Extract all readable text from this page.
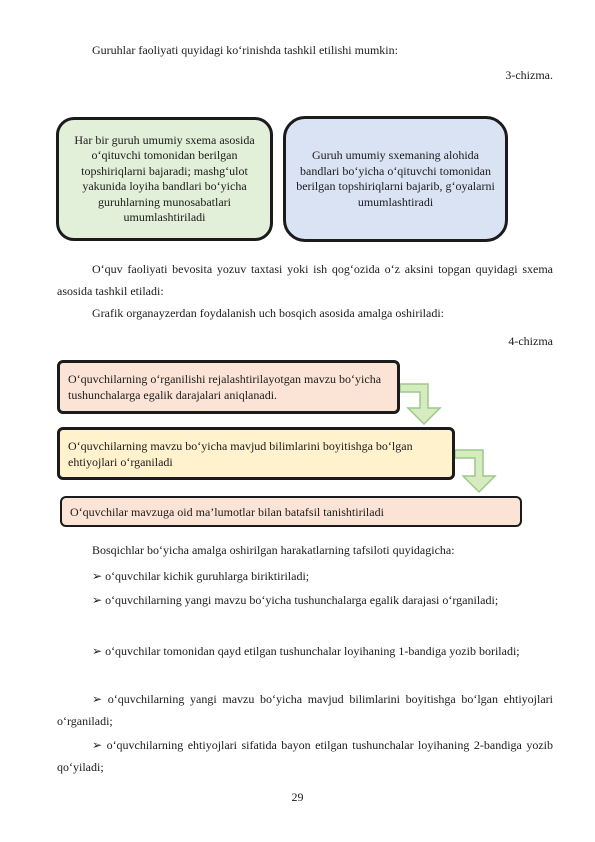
Guruhlar faoliyati quyidagi ko‘rinishda tashkil etilishi mumkin:

3-chizma.

Har bir guruh umumiy sxema asosida o‘qituvchi tomonidan berilgan topshiriqlarni bajaradi; mashg‘ulot yakunida loyiha bandlari bo‘yicha guruhlarning munosabatlari umumlashtiriladi
Guruh umumiy sxemaning alohida bandlari bo‘yicha o‘qituvchi tomonidan berilgan topshiriqlarni bajarib, g‘oyalarni umumlashtiradi

O‘quv faoliyati bevosita yozuv taxtasi yoki ish qog‘ozida o‘z aksini topgan quyidagi sxema asosida tashkil etiladi:

Grafik organayzerdan foydalanish uch bosqich asosida amalga oshiriladi:

4-chizma

O‘quvchilarning o‘rganilishi rejalashtirilayotgan mavzu bo‘yicha tushunchalarga egalik darajalari aniqlanadi.
O‘quvchilarning mavzu bo‘yicha mavjud bilimlarini boyitishga bo‘lgan ehtiyojlari o‘rganiladi
O‘quvchilar mavzuga oid ma’lumotlar bilan batafsil tanishtiriladi

Bosqichlar bo‘yicha amalga oshirilgan harakatlarning tafsiloti quyidagicha:

➢ o‘quvchilar kichik guruhlarga biriktiriladi;

➢ o‘quvchilarning yangi mavzu bo‘yicha tushunchalarga egalik darajasi o‘rganiladi;

➢ o‘quvchilar tomonidan qayd etilgan tushunchalar loyihaning 1-bandiga yozib boriladi;

➢ o‘quvchilarning yangi mavzu bo‘yicha mavjud bilimlarini boyitishga bo‘lgan ehtiyojlari o‘rganiladi;

➢ o‘quvchilarning ehtiyojlari sifatida bayon etilgan tushunchalar loyihaning 2-bandiga yozib qo‘yiladi;

29
